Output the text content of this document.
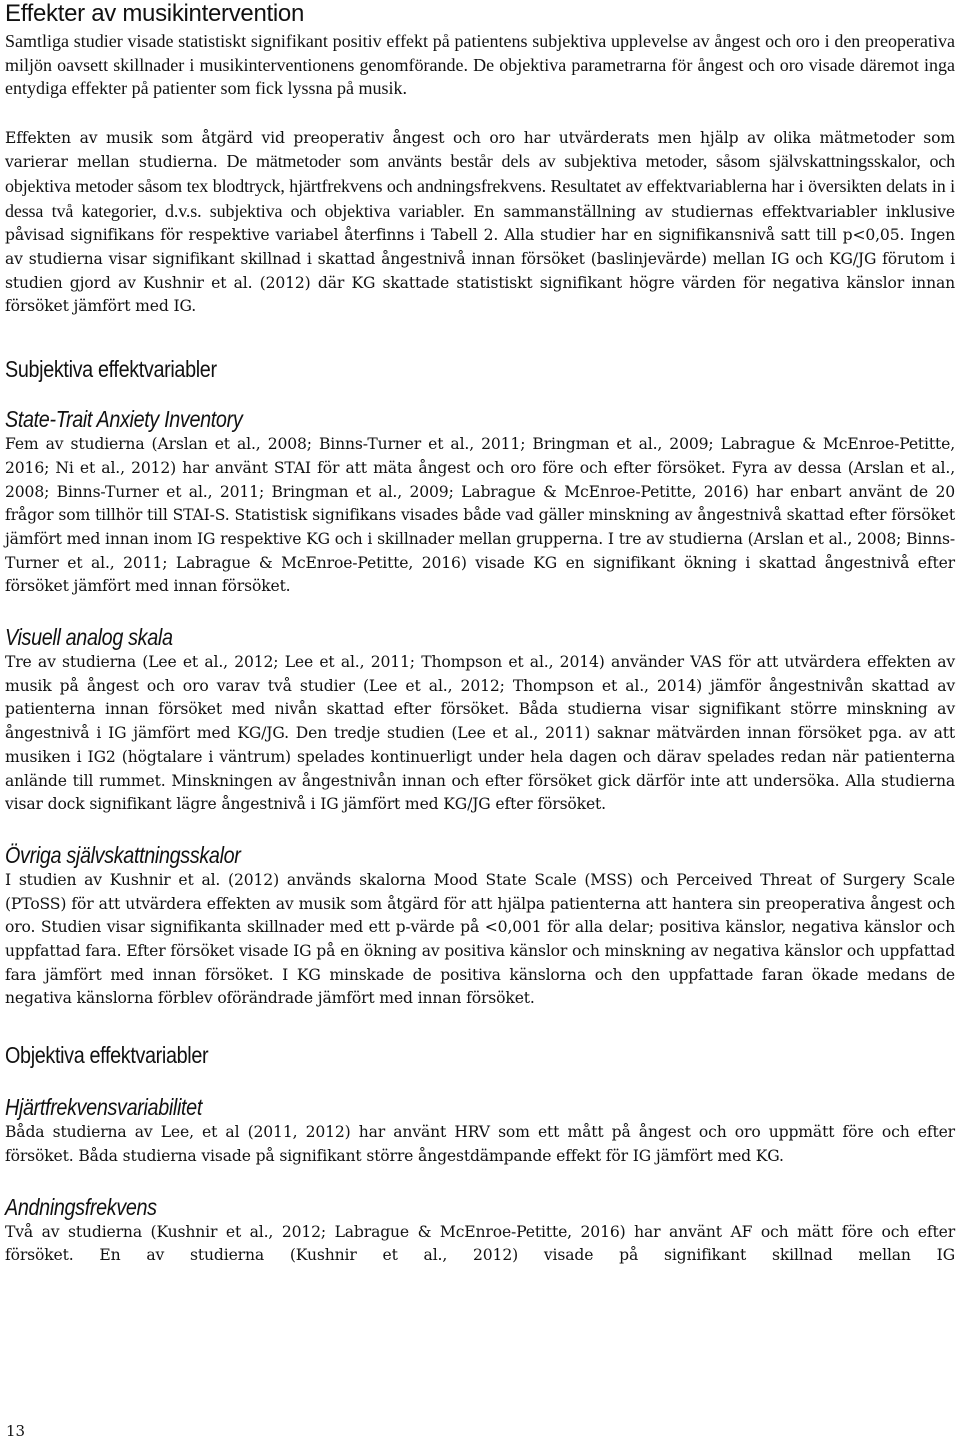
Effekter av musikintervention

Samtliga studier visade statistiskt signifikant positiv effekt på patientens subjektiva upplevelse av ångest och oro i den preoperativa miljön oavsett skillnader i musikinterventionens genomförande. De objektiva parametrarna för ångest och oro visade däremot inga entydiga effekter på patienter som fick lyssna på musik.

Effekten av musik som åtgärd vid preoperativ ångest och oro har utvärderats men hjälp av olika mätmetoder som varierar mellan studierna. De mätmetoder som använts består dels av subjektiva metoder, såsom självskattningsskalor, och objektiva metoder såsom tex blodtryck, hjärtfrekvens och andningsfrekvens. Resultatet av effektvariablerna har i översikten delats in i dessa två kategorier, d.v.s. subjektiva och objektiva variabler. En sammanställning av studiernas effektvariabler inklusive påvisad signifikans för respektive variabel återfinns i Tabell 2. Alla studier har en signifikansnivå satt till p<0,05. Ingen av studierna visar signifikant skillnad i skattad ångestnivå innan försöket (baslinjevärde) mellan IG och KG/JG förutom i studien gjord av Kushnir et al. (2012) där KG skattade statistiskt signifikant högre värden för negativa känslor innan försöket jämfört med IG.

Subjektiva effektvariabler
State-Trait Anxiety Inventory

Fem av studierna (Arslan et al., 2008; Binns-Turner et al., 2011; Bringman et al., 2009; Labrague & McEnroe-Petitte, 2016; Ni et al., 2012) har använt STAI för att mäta ångest och oro före och efter försöket. Fyra av dessa (Arslan et al., 2008; Binns-Turner et al., 2011; Bringman et al., 2009; Labrague & McEnroe-Petitte, 2016) har enbart använt de 20 frågor som tillhör till STAI-S. Statistisk signifikans visades både vad gäller minskning av ångestnivå skattad efter försöket jämfört med innan inom IG respektive KG och i skillnader mellan grupperna. I tre av studierna (Arslan et al., 2008; Binns-Turner et al., 2011; Labrague & McEnroe-Petitte, 2016) visade KG en signifikant ökning i skattad ångestnivå efter försöket jämfört med innan försöket.

Visuell analog skala

Tre av studierna (Lee et al., 2012; Lee et al., 2011; Thompson et al., 2014) använder VAS för att utvärdera effekten av musik på ångest och oro varav två studier (Lee et al., 2012; Thompson et al., 2014) jämför ångestnivån skattad av patienterna innan försöket med nivån skattad efter försöket. Båda studierna visar signifikant större minskning av ångestnivå i IG jämfört med KG/JG. Den tredje studien (Lee et al., 2011) saknar mätvärden innan försöket pga. av att musiken i IG2 (högtalare i väntrum) spelades kontinuerligt under hela dagen och därav spelades redan när patienterna anlände till rummet. Minskningen av ångestnivån innan och efter försöket gick därför inte att undersöka. Alla studierna visar dock signifikant lägre ångestnivå i IG jämfört med KG/JG efter försöket.

Övriga självskattningsskalor

I studien av Kushnir et al. (2012) används skalorna Mood State Scale (MSS) och Perceived Threat of Surgery Scale (PToSS) för att utvärdera effekten av musik som åtgärd för att hjälpa patienterna att hantera sin preoperativa ångest och oro. Studien visar signifikanta skillnader med ett p-värde på <0,001 för alla delar; positiva känslor, negativa känslor och uppfattad fara. Efter försöket visade IG på en ökning av positiva känslor och minskning av negativa känslor och uppfattad fara jämfört med innan försöket. I KG minskade de positiva känslorna och den uppfattade faran ökade medans de negativa känslorna förblev oförändrade jämfört med innan försöket.

Objektiva effektvariabler
Hjärtfrekvensvariabilitet

Båda studierna av Lee, et al (2011, 2012) har använt HRV som ett mått på ångest och oro uppmätt före och efter försöket. Båda studierna visade på signifikant större ångestdämpande effekt för IG jämfört med KG.

Andningsfrekvens

Två av studierna (Kushnir et al., 2012; Labrague & McEnroe-Petitte, 2016) har använt AF och mätt före och efter försöket. En av studierna (Kushnir et al., 2012) visade på signifikant skillnad mellan IG

13
